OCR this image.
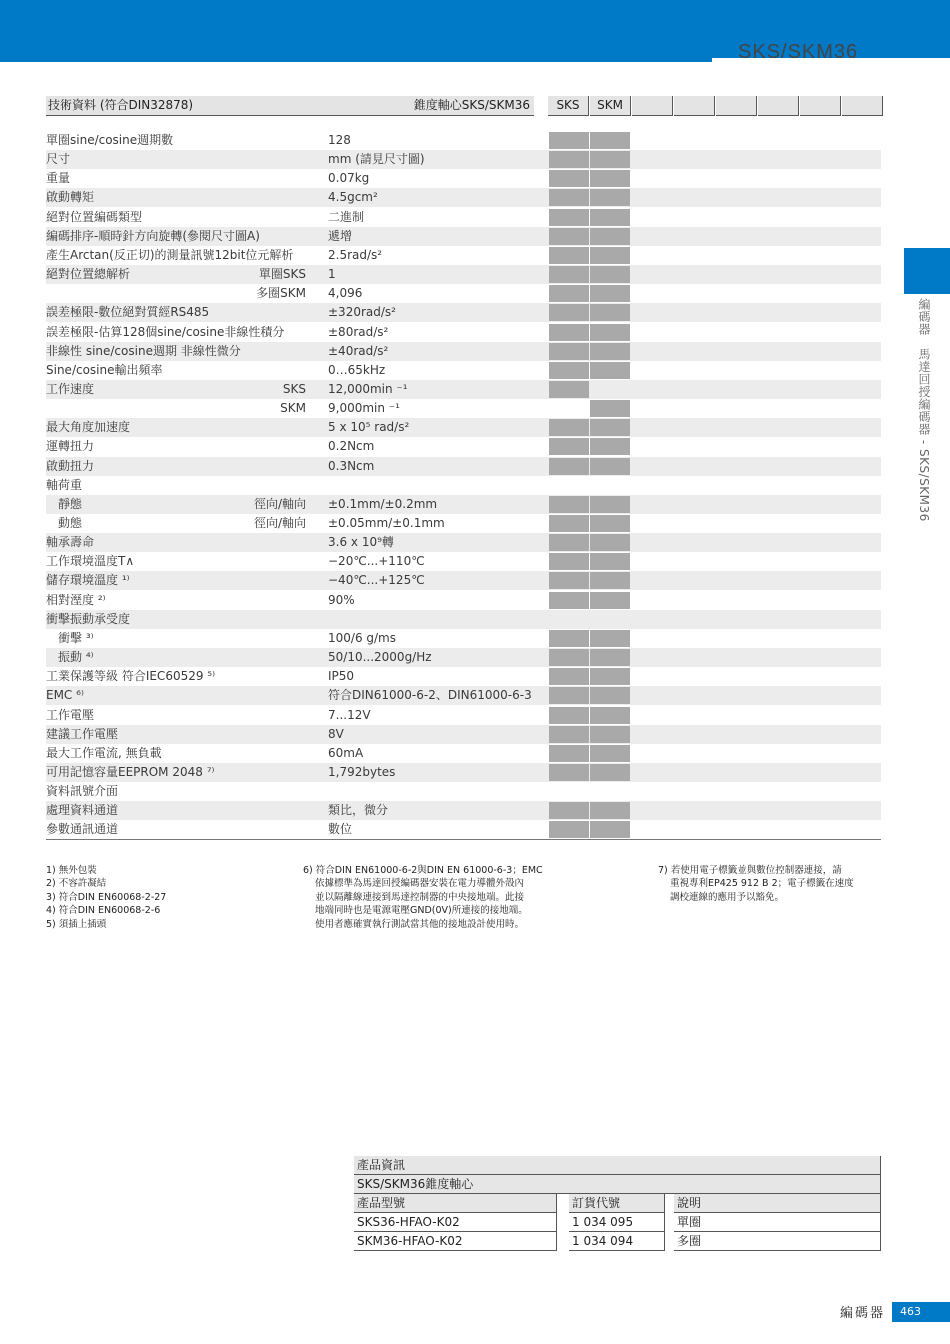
SKS/SKM36
編碼器　馬達回授編碼器 - SKS/SKM36
技術資料 (符合DIN32878)	錐度軸心SKS/SKM36	SKS	SKM
單圈sine/cosine週期數	128
尺寸	mm (請見尺寸圖)
重量	0.07kg
啟動轉矩	4.5gcm²
絕對位置編碼類型	二進制
編碼排序-順時針方向旋轉(參閱尺寸圖A)	遞增
產生Arctan(反正切)的測量訊號12bit位元解析	2.5rad/s²
絕對位置總解析	單圈SKS 1
多圈SKM 4,096
誤差極限-數位絕對質經RS485	±320rad/s²
誤差極限-估算128個sine/cosine非線性積分	±80rad/s²
非線性 sine/cosine週期 非線性微分	±40rad/s²
Sine/cosine輸出頻率	0…65kHz
工作速度	SKS 12,000min ⁻¹
SKM 9,000min ⁻¹
最大角度加速度	5 x 10⁵ rad/s²
運轉扭力	0.2Ncm
啟動扭力	0.3Ncm
軸荷重
靜態	徑向/軸向 ±0.1mm/±0.2mm
動態	徑向/軸向 ±0.05mm/±0.1mm
軸承壽命	3.6 x 10⁹轉
工作環境溫度T∧	−20℃...+110℃
儲存環境溫度 ¹⁾	−40℃...+125℃
相對溼度 ²⁾	90%
衝擊振動承受度
衝擊 ³⁾	100/6 g/ms
振動 ⁴⁾	50/10...2000g/Hz
工業保護等級 符合IEC60529 ⁵⁾	IP50
EMC ⁶⁾	符合DIN61000-6-2、DIN61000-6-3
工作電壓	7...12V
建議工作電壓	8V
最大工作電流, 無負載	60mA
可用記憶容量EEPROM 2048 ⁷⁾	1,792bytes
資料訊號介面
處理資料通道	類比，微分
參數通訊通道	數位
1) 無外包裝
2) 不容許凝結
3) 符合DIN EN60068-2-27
4) 符合DIN EN60068-2-6
5) 須插上插頭
6) 符合DIN EN61000-6-2與DIN EN 61000-6-3；EMC
依據標準為馬達回授編碼器安裝在電力導體外殼內
並以隔離線連接到馬達控制器的中央接地端。此接
地端同時也是電源電壓GND(0V)所連接的接地端。
使用者應確實執行測試當其他的接地設計使用時。
7) 若使用電子標籤並與數位控制器連接，請
重視專利EP425 912 B 2；電子標籤在速度
調校連線的應用予以豁免。
產品資訊
SKS/SKM36錐度軸心
產品型號	訂貨代號	說明
SKS36-HFAO-K02	1 034 095	單圈
SKM36-HFAO-K02	1 034 094	多圈
編碼器	463
